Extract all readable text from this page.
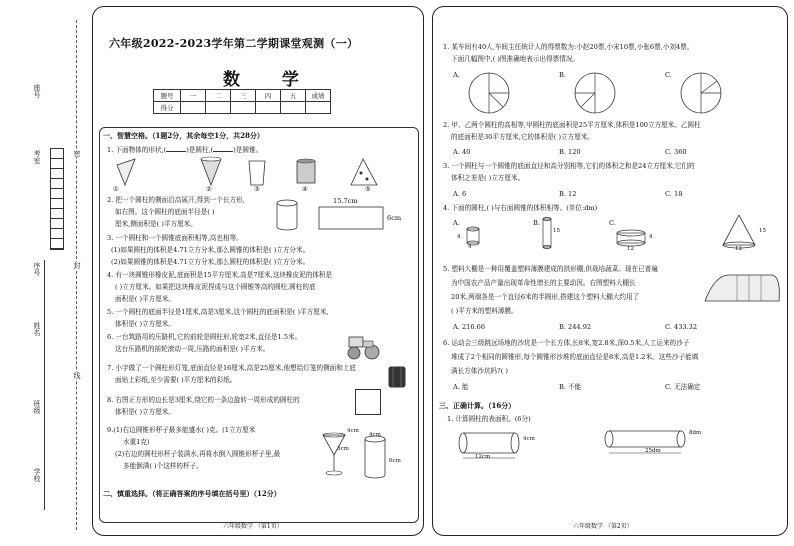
座号
考室
序号
姓名
班级
学校
密
封
线
六年级2022-2023学年第二学期课堂观测（一）
数 学
题号	一	二	三	四	五	成绩
得分						
一、智慧空格。（1题2分，其余每空1分，共28分）
1. 下面物体的形状,(	)是圆柱,(	)是圆锥。
①	②	③	④	⑤
2. 把一个圆柱的侧面沿高展开,得到一个长方形,
如右图。这个圆柱的底面半径是( )
厘米,侧面积是( )平方厘米。
15.7cm
6cm
3. 一个圆柱和一个圆锥底面积相等,高也相等。
(1)如果圆柱的体积是4.71立方分米,那么圆锥的体积是( )立方分米。
(2)如果圆锥的体积是4.71立方分米,那么圆柱的体积是( )立方分米。
4. 有一块圆锥形橡皮泥,底面积是15平方厘米,高是7厘米,这块橡皮泥的体积是
( )立方厘米。如果把这块橡皮泥捏成与这个圆锥等高的圆柱,圆柱的底
面积是( )平方厘米。
5. 一个圆柱的底面半径是1厘米,高是3厘米,这个圆柱的底面积是( )平方厘米,
体积是( )立方厘米。
6. 一台筑路用的压路机,它的前轮是圆柱形,轮宽2米,直径是1.5米。
这台压路机的前轮滚动一周,压路的面积是( )平方米。
7. 小宇做了一个圆柱形灯笼,底面直径是16厘米,高是25厘米,他想给灯笼的侧面和上底
面贴上彩纸,至少需要( )平方厘米的彩纸。
8. 右图正方形的边长是3厘米,绕它的一条边旋转一周形成的圆柱的
体积是( )立方厘米。
9.(1)右边圆锥形杯子最多能盛水( )克。(1立方厘米
水重1克)
(2)右边的圆柱形杯子装满水,再将水倒入圆锥形杯子里,最
多能倒满( )个这样的杯子。
4cm
3cm
4cm
6cm
二、慎重选择。（将正确答案的序号填在括号里）（12分）
六年级数学 （第1页）
1. 某车间有40人,车间主任统计人的得票数为:小赵20票,小宋10票,小张6票,小刘4票。
下面几幅图中,( )图准确地表示出得票情况。
A.	B.	C.
2. 甲、乙两个圆柱的高相等,甲圆柱的底面积是25平方厘米,体积是100立方厘米。乙圆柱
的底面积是30平方厘米,它的体积是( )立方厘米。
A. 40	B. 120	C. 360
3. 一个圆柱与一个圆锥的底面直径和高分别相等,它们的体积之和是24立方厘米,它们的
体积之差是( )立方厘米。
A. 6	B. 12	C. 18
4. 下面的圆柱,( )与右面圆锥的体积相等。(单位:dm)
A.	B.	C.
4
4
15
12
4
15
12
5. 塑料大棚是一种用覆盖塑料薄膜建成的拱形棚,供栽培蔬菜。现在已普遍
为中国农产品产量出现革命性增长的主要动因。右图塑料大棚长
20米,两端各是一个直径6米的半圆形,搭建这个塑料大棚大约用了
( )平方米的塑料薄膜。
A. 216.66	B. 244.92	C. 433.32
6. 运动会三级跳远场地的沙坑是一个长方体,长8米,宽2.8米,深0.5米,人工运来的沙子
堆成了2个相同的圆锥形,每个圆锥形沙堆的底面直径是8米,高是1.2米。这些沙子能填
满长方体沙坑吗?( )
A. 能	B. 不能	C. 无法确定
三、正确计算。（16分）
1. 计算圆柱的表面积。(6分)
4cm
12cm
8dm
25dm
六年级数学 （第2页）
